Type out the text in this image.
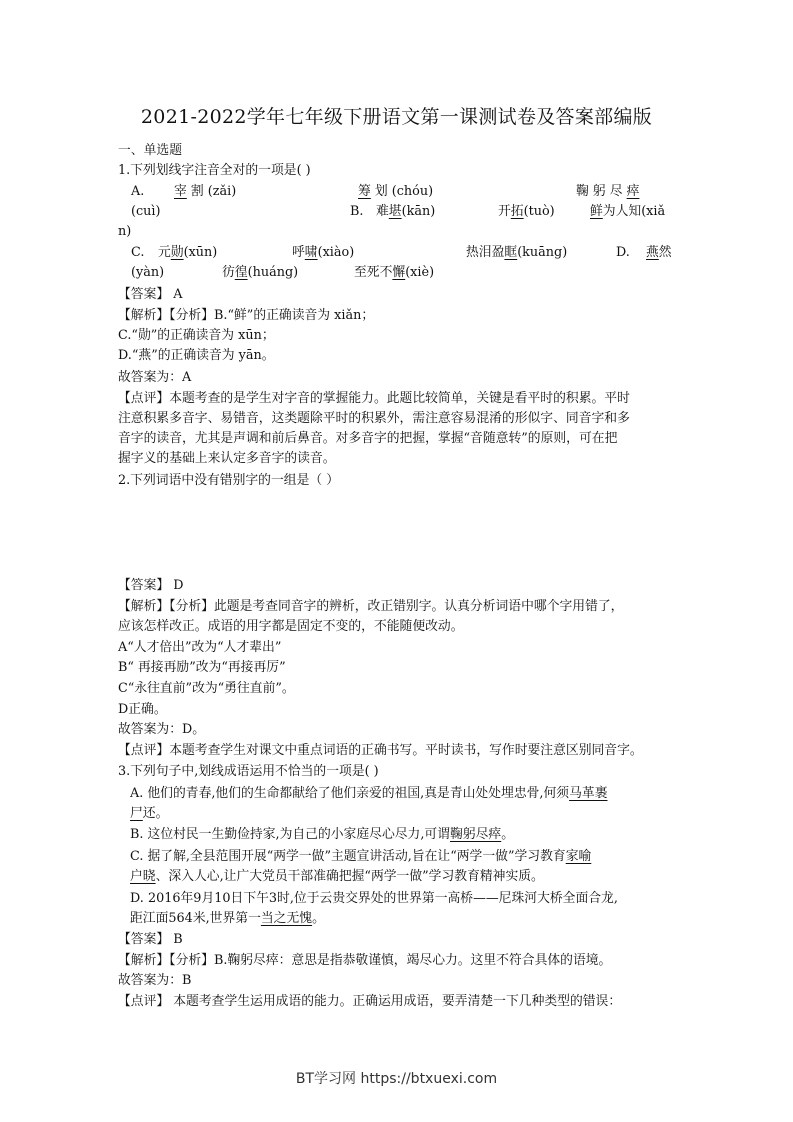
2021-2022学年七年级下册语文第一课测试卷及答案部编版
一、单选题
1.下列划线字注音全对的一项是( )
A. 宰 割 (zǎi)	筹 划 (chóu)	鞠 躬 尽 瘁
(cuì)	B. 难堪(kān)	开拓(tuò)	鲜为人知(xiǎ
n)
C. 元勋(xūn)	呼啸(xiào)	热泪盈眶(kuāng)	D. 燕然
(yàn)	彷徨(huáng)	至死不懈(xiè)
【答案】 A
【解析】【分析】B.“鲜”的正确读音为 xiǎn；
C.“勋”的正确读音为 xūn；
D.“燕”的正确读音为 yān。
故答案为：A
【点评】本题考查的是学生对字音的掌握能力。此题比较简单，关键是看平时的积累。平时
注意积累多音字、易错音，这类题除平时的积累外，需注意容易混淆的形似字、同音字和多
音字的读音，尤其是声调和前后鼻音。对多音字的把握，掌握“音随意转”的原则，可在把
握字义的基础上来认定多音字的读音。
2.下列词语中没有错别字的一组是（ ）
【答案】 D
【解析】【分析】此题是考查同音字的辨析，改正错别字。认真分析词语中哪个字用错了，
应该怎样改正。成语的用字都是固定不变的，不能随便改动。
A“人才倍出”改为“人才辈出”
B“ 再接再励”改为“再接再厉”
C“永往直前”改为“勇往直前”。
D正确。
故答案为：D。
【点评】本题考查学生对课文中重点词语的正确书写。平时读书，写作时要注意区别同音字。
3.下列句子中,划线成语运用不恰当的一项是( )
A. 他们的青春,他们的生命都献给了他们亲爱的祖国,真是青山处处埋忠骨,何须马革裹
尸还。
B. 这位村民一生勤俭持家,为自己的小家庭尽心尽力,可谓鞠躬尽瘁。
C. 据了解,全县范围开展“两学一做”主题宣讲活动,旨在让“两学一做”学习教育家喻
户晓、深入人心,让广大党员干部准确把握“两学一做”学习教育精神实质。
D. 2016年9月10日下午3时,位于云贵交界处的世界第一高桥——尼珠河大桥全面合龙,
距江面564米,世界第一当之无愧。
【答案】 B
【解析】【分析】B.鞠躬尽瘁：意思是指恭敬谨慎，竭尽心力。这里不符合具体的语境。
故答案为：B
【点评】 本题考查学生运用成语的能力。正确运用成语，要弄清楚一下几种类型的错误：
BT学习网 https://btxuexi.com
